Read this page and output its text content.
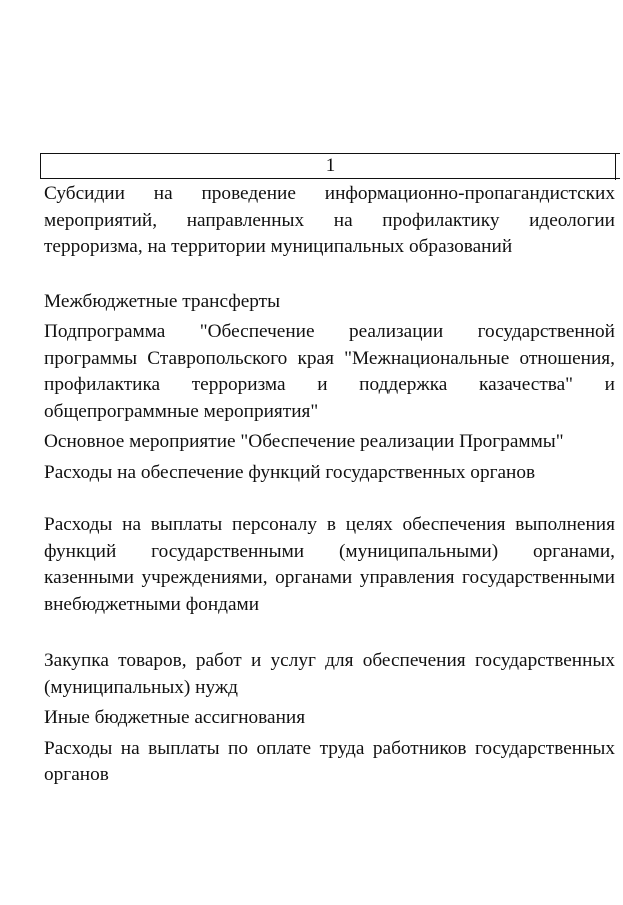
1

Субсидии на проведение информационно-пропагандистских мероприятий, направленных на профилактику идеологии терроризма, на территории муниципальных образований

Межбюджетные трансферты

Подпрограмма "Обеспечение реализации государственной программы Ставропольского края "Межнациональные отношения, профилактика терроризма и поддержка казачества" и общепрограммные мероприятия"

Основное мероприятие "Обеспечение реализации Программы"

Расходы на обеспечение функций государственных органов

Расходы на выплаты персоналу в целях обеспечения выполнения функций государственными (муниципальными) органами, казенными учреждениями, органами управления государственными внебюджетными фондами

Закупка товаров, работ и услуг для обеспечения государственных (муниципальных) нужд

Иные бюджетные ассигнования

Расходы на выплаты по оплате труда работников государственных органов
